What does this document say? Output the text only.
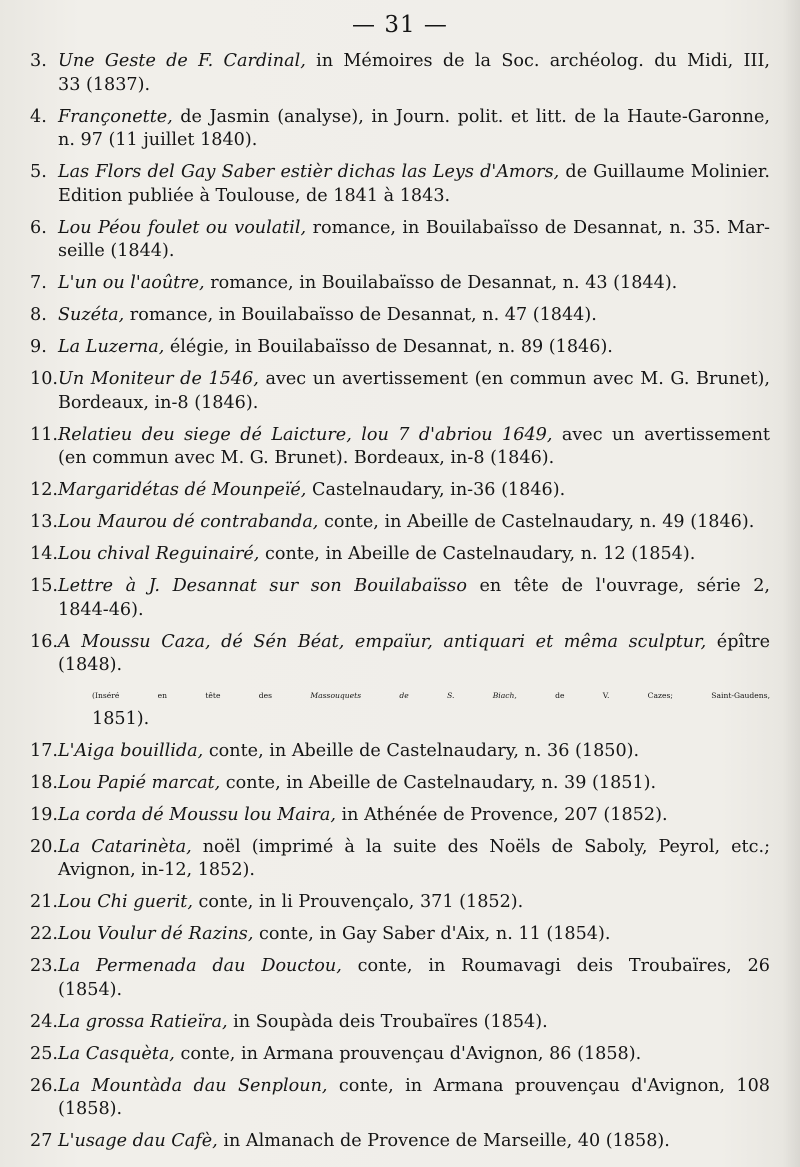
— 31 —
3. Une Geste de F. Cardinal, in Mémoires de la Soc. archéolog. du Midi, III,
33 (1837).
4. Françonette, de Jasmin (analyse), in Journ. polit. et litt. de la Haute-Garonne,
n. 97 (11 juillet 1840).
5. Las Flors del Gay Saber estièr dichas las Leys d'Amors, de Guillaume Molinier.
Edition publiée à Toulouse, de 1841 à 1843.
6. Lou Péou foulet ou voulatil, romance, in Bouilabaïsso de Desannat, n. 35. Mar-
seille (1844).
7. L'un ou l'aoûtre, romance, in Bouilabaïsso de Desannat, n. 43 (1844).
8. Suzéta, romance, in Bouilabaïsso de Desannat, n. 47 (1844).
9. La Luzerna, élégie, in Bouilabaïsso de Desannat, n. 89 (1846).
10. Un Moniteur de 1546, avec un avertissement (en commun avec M. G. Brunet),
Bordeaux, in-8 (1846).
11. Relatieu deu siege dé Laicture, lou 7 d'abriou 1649, avec un avertissement
(en commun avec M. G. Brunet). Bordeaux, in-8 (1846).
12. Margaridétas dé Mounpeïé, Castelnaudary, in-36 (1846).
13. Lou Maurou dé contrabanda, conte, in Abeille de Castelnaudary, n. 49 (1846).
14. Lou chival Reguinairé, conte, in Abeille de Castelnaudary, n. 12 (1854).
15. Lettre à J. Desannat sur son Bouilabaïsso en tête de l'ouvrage, série 2,
1844-46).
16. A Moussu Caza, dé Sén Béat, empaïur, antiquari et mêma sculptur, épître
(1848).
(Inséré en tête des Massouquets de S. Biach, de V. Cazes; Saint-Gaudens,
1851).
17. L'Aiga bouillida, conte, in Abeille de Castelnaudary, n. 36 (1850).
18. Lou Papié marcat, conte, in Abeille de Castelnaudary, n. 39 (1851).
19. La corda dé Moussu lou Maira, in Athénée de Provence, 207 (1852).
20. La Catarinèta, noël (imprimé à la suite des Noëls de Saboly, Peyrol, etc.;
Avignon, in-12, 1852).
21. Lou Chi guerit, conte, in li Prouvençalo, 371 (1852).
22. Lou Voulur dé Razins, conte, in Gay Saber d'Aix, n. 11 (1854).
23. La Permenada dau Douctou, conte, in Roumavagi deis Troubaïres, 26
(1854).
24. La grossa Ratieïra, in Soupàda deis Troubaïres (1854).
25. La Casquèta, conte, in Armana prouvençau d'Avignon, 86 (1858).
26. La Mountàda dau Senploun, conte, in Armana prouvençau d'Avignon, 108
(1858).
27 L'usage dau Cafè, in Almanach de Provence de Marseille, 40 (1858).
